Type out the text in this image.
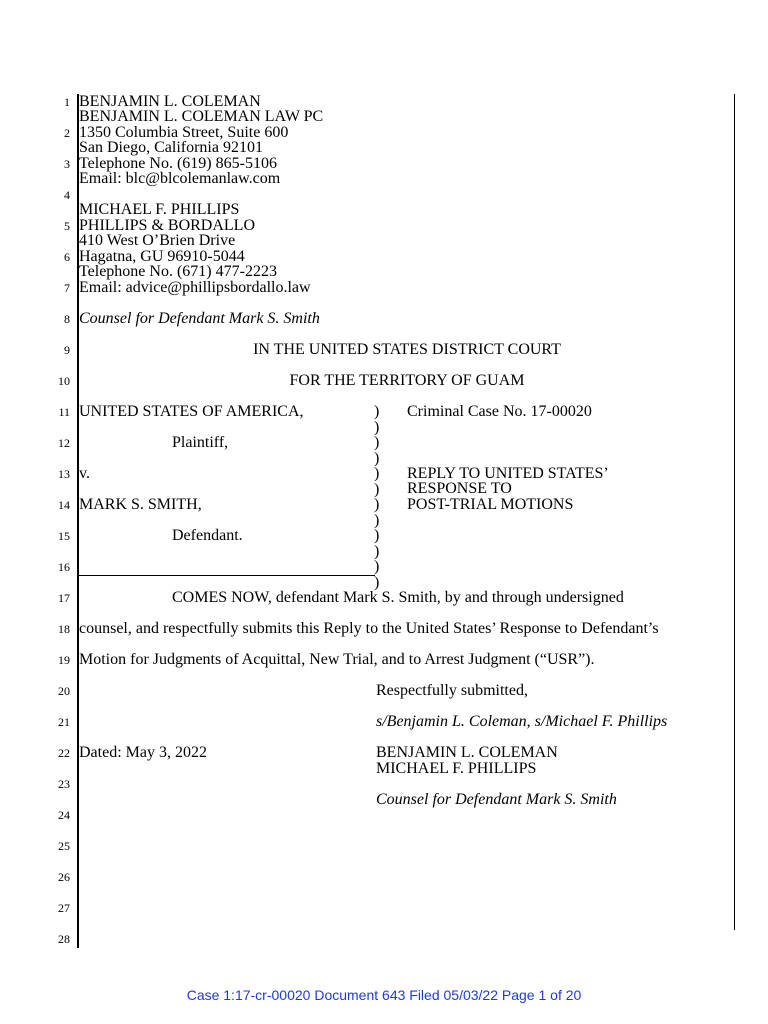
1
2
3
4
5
6
7
8
9
10
11
12
13
14
15
16
17
18
19
20
21
22
23
24
25
26
27
28
BENJAMIN L. COLEMAN
BENJAMIN L. COLEMAN LAW PC
1350 Columbia Street, Suite 600
San Diego, California 92101
Telephone No. (619) 865-5106
Email: blc@blcolemanlaw.com
MICHAEL F. PHILLIPS
PHILLIPS & BORDALLO
410 West O’Brien Drive
Hagatna, GU 96910-5044
Telephone No. (671) 477-2223
Email: advice@phillipsbordallo.law
Counsel for Defendant Mark S. Smith
IN THE UNITED STATES DISTRICT COURT
FOR THE TERRITORY OF GUAM
UNITED STATES OF AMERICA,
Plaintiff,
v.
MARK S. SMITH,
Defendant.
)
)
)
)
)
)
)
)
)
)
)
)
Criminal Case No. 17-00020
REPLY TO UNITED STATES’
RESPONSE TO
POST-TRIAL MOTIONS
COMES NOW, defendant Mark S. Smith, by and through undersigned
counsel, and respectfully submits this Reply to the United States’ Response to Defendant’s
Motion for Judgments of Acquittal, New Trial, and to Arrest Judgment (“USR”).
Respectfully submitted,
s/Benjamin L. Coleman, s/Michael F. Phillips
Dated: May 3, 2022	BENJAMIN L. COLEMAN
MICHAEL F. PHILLIPS
Counsel for Defendant Mark S. Smith
Case 1:17-cr-00020 Document 643 Filed 05/03/22 Page 1 of 20
